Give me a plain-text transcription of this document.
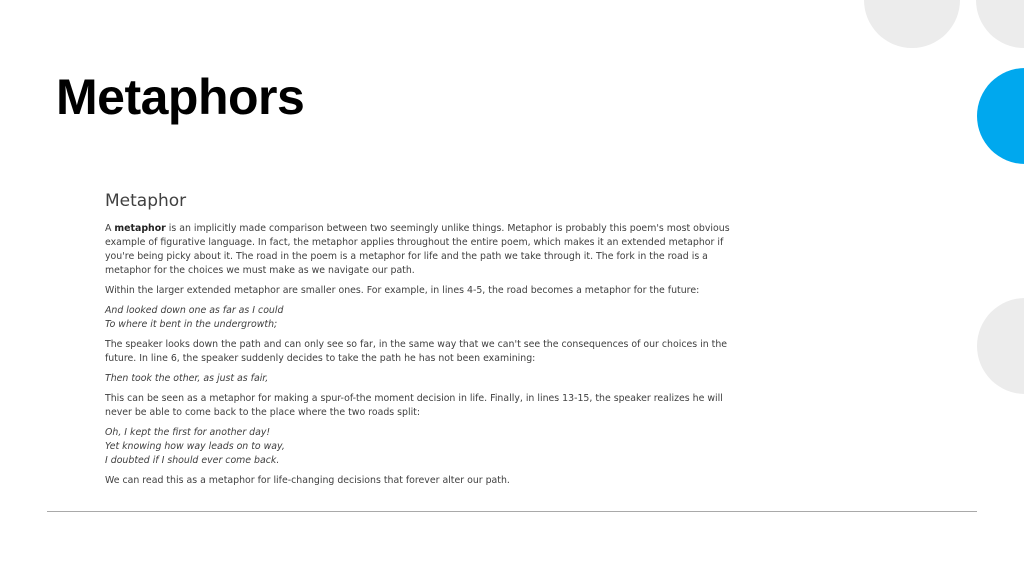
Metaphors
Metaphor

A metaphor is an implicitly made comparison between two seemingly unlike things. Metaphor is probably this poem's most obvious example of figurative language. In fact, the metaphor applies throughout the entire poem, which makes it an extended metaphor if you're being picky about it. The road in the poem is a metaphor for life and the path we take through it. The fork in the road is a metaphor for the choices we must make as we navigate our path.

Within the larger extended metaphor are smaller ones. For example, in lines 4-5, the road becomes a metaphor for the future:

And looked down one as far as I could
To where it bent in the undergrowth;

The speaker looks down the path and can only see so far, in the same way that we can't see the consequences of our choices in the future. In line 6, the speaker suddenly decides to take the path he has not been examining:

Then took the other, as just as fair,

This can be seen as a metaphor for making a spur-of-the moment decision in life. Finally, in lines 13-15, the speaker realizes he will never be able to come back to the place where the two roads split:

Oh, I kept the first for another day!
Yet knowing how way leads on to way,
I doubted if I should ever come back.

We can read this as a metaphor for life-changing decisions that forever alter our path.
